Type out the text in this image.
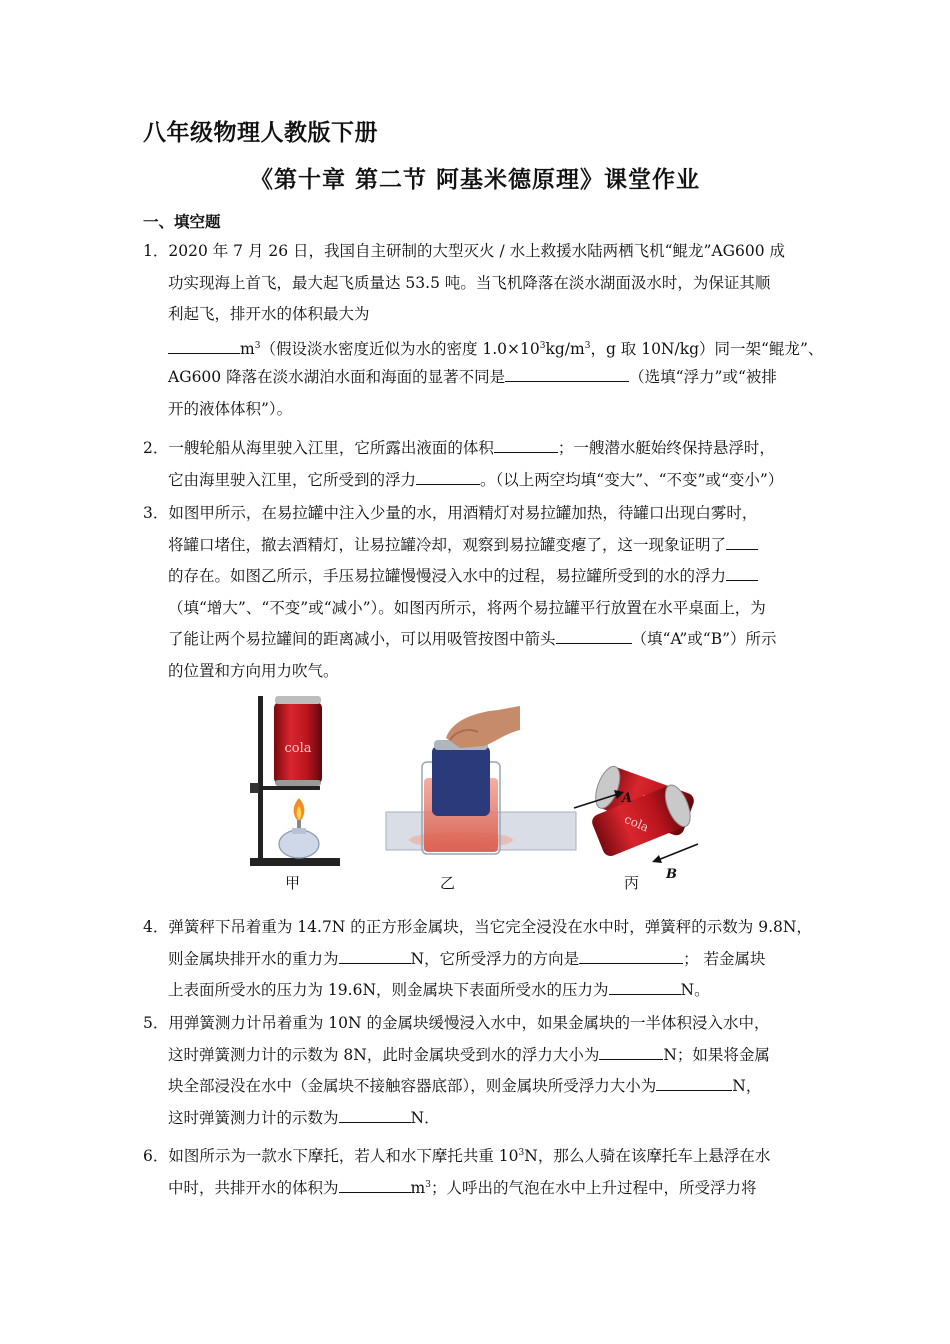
八年级物理人教版下册
《第十章 第二节 阿基米德原理》课堂作业
一、填空题
1．2020 年 7 月 26 日，我国自主研制的大型灭火 / 水上救援水陆两栖飞机“鲲龙”AG600 成
功实现海上首飞，最大起飞质量达 53.5 吨。当飞机降落在淡水湖面汲水时，为保证其顺
利起飞，排开水的体积最大为
$m^3$（假设淡水密度近似为水的密度 $1.0\times 10^3kg/m^3$，g 取 10N/kg）同一架“鲲龙”、
AG600 降落在淡水湖泊水面和海面的显著不同是	（选填“浮力”或“被排
开的液体体积”）。
2．一艘轮船从海里驶入江里，它所露出液面的体积	；一艘潜水艇始终保持悬浮时，
它由海里驶入江里，它所受到的浮力	。（以上两空均填“变大”、“不变”或“变小”）
3．如图甲所示，在易拉罐中注入少量的水，用酒精灯对易拉罐加热，待罐口出现白雾时，
将罐口堵住，撤去酒精灯，让易拉罐冷却，观察到易拉罐变瘪了，这一现象证明了
的存在。如图乙所示，手压易拉罐慢慢浸入水中的过程，易拉罐所受到的水的浮力
（填“增大”、“不变”或“减小”）。如图丙所示，将两个易拉罐平行放置在水平桌面上，为
了能让两个易拉罐间的距离减小，可以用吸管按图中箭头	（填“A”或“B”）所示
的位置和方向用力吹气。
cola
cola
A
B
甲	乙	丙
4．弹簧秤下吊着重为 14.7N 的正方形金属块，当它完全浸没在水中时，弹簧秤的示数为 9.8N，
则金属块排开水的重力为	N，它所受浮力的方向是	； 若金属块
上表面所受水的压力为 19.6N，则金属块下表面所受水的压力为	N。
5．用弹簧测力计吊着重为 10N 的金属块缓慢浸入水中，如果金属块的一半体积浸入水中，
这时弹簧测力计的示数为 8N，此时金属块受到水的浮力大小为	N；如果将金属
块全部浸没在水中（金属块不接触容器底部），则金属块所受浮力大小为	N，
这时弹簧测力计的示数为	N．
6．如图所示为一款水下摩托，若人和水下摩托共重 $10^3N$，那么人骑在该摩托车上悬浮在水
中时，共排开水的体积为	$m^3$；人呼出的气泡在水中上升过程中，所受浮力将
